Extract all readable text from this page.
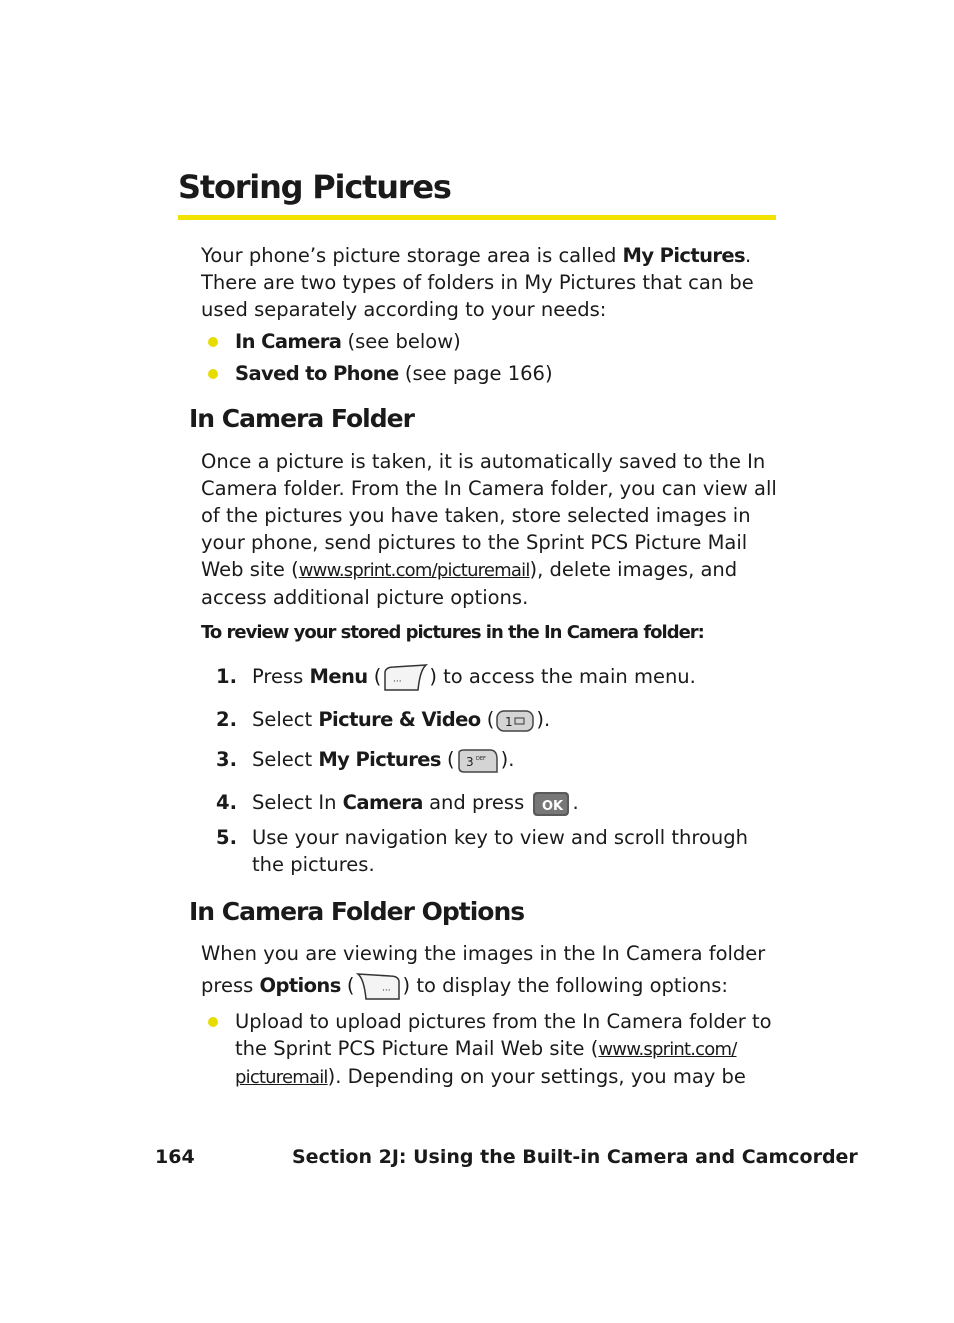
Storing Pictures
Your phone’s picture storage area is called My Pictures. There are two types of folders in My Pictures that can be used separately according to your needs:
In Camera (see below)
Saved to Phone (see page 166)
In Camera Folder
Once a picture is taken, it is automatically saved to the In Camera folder. From the In Camera folder, you can view all of the pictures you have taken, store selected images in your phone, send pictures to the Sprint PCS Picture Mail Web site (www.sprint.com/picturemail), delete images, and access additional picture options.
To review your stored pictures in the In Camera folder:
1. Press Menu ( ··· ) to access the main menu.
2. Select Picture & Video ( 1 ).
3. Select My Pictures ( 3 DEF ).
4. Select In Camera and press OK .
5. Use your navigation key to view and scroll through the pictures.
In Camera Folder Options
When you are viewing the images in the In Camera folder
press Options (	··· ) to display the following options:
Upload to upload pictures from the In Camera folder to the Sprint PCS Picture Mail Web site (www.sprint.com/
picturemail). Depending on your settings, you may be
164	Section 2J: Using the Built-in Camera and Camcorder
